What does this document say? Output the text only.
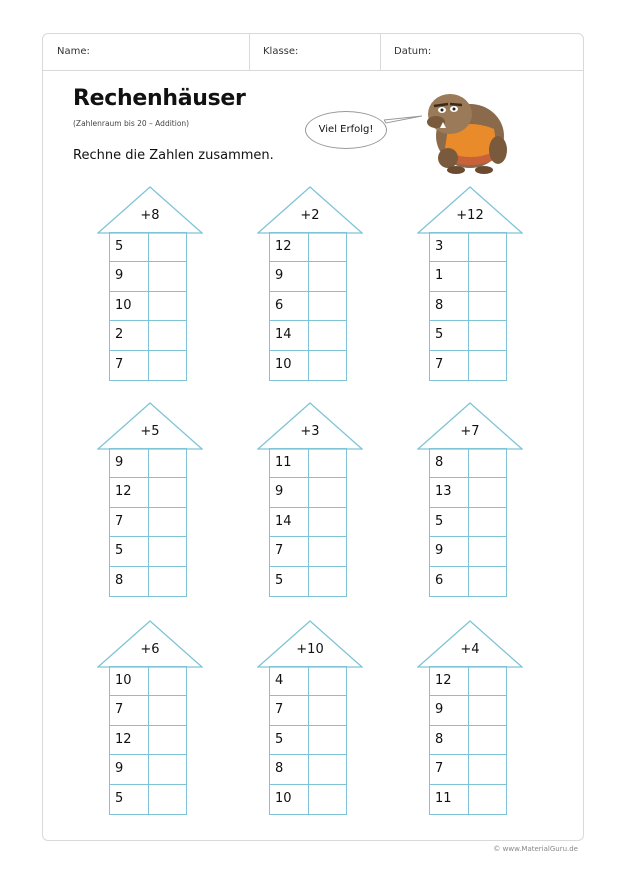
Name:	Klasse:	Datum:
Rechenhäuser
(Zahlenraum bis 20 – Addition)
Rechne die Zahlen zusammen.
Viel Erfolg!
+8
5
9
10
2
7
+2
12
9
6
14
10
+12
3
1
8
5
7
+5
9
12
7
5
8
+3
11
9
14
7
5
+7
8
13
5
9
6
+6
10
7
12
9
5
+10
4
7
5
8
10
+4
12
9
8
7
11
© www.MaterialGuru.de
